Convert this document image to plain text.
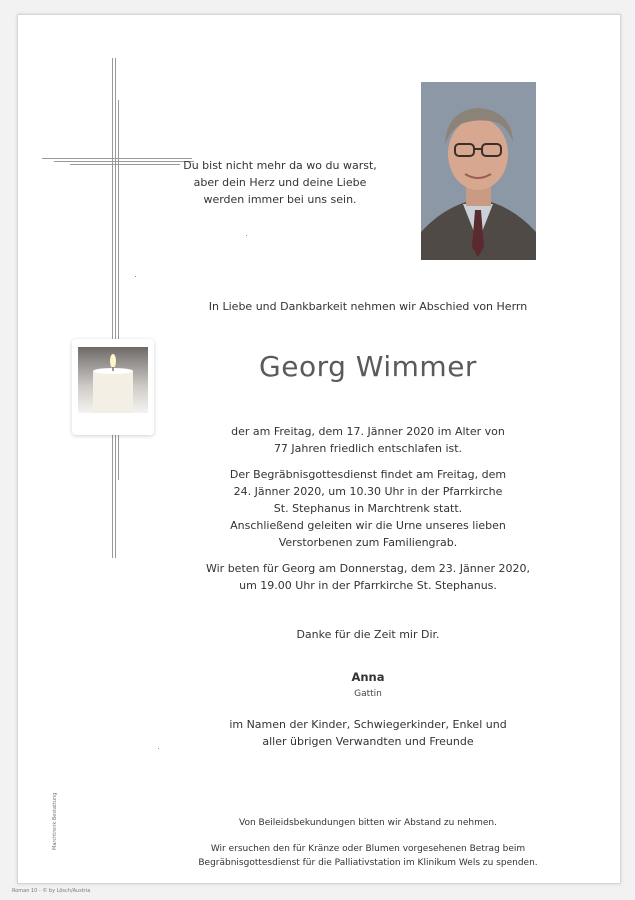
Du bist nicht mehr da wo du warst,
aber dein Herz und deine Liebe
werden immer bei uns sein.
In Liebe und Dankbarkeit nehmen wir Abschied von Herrn
Georg Wimmer
der am Freitag, dem 17. Jänner 2020 im Alter von
77 Jahren friedlich entschlafen ist.
Der Begräbnisgottesdienst findet am Freitag, dem
24. Jänner 2020, um 10.30 Uhr in der Pfarrkirche
St. Stephanus in Marchtrenk statt.
Anschließend geleiten wir die Urne unseres lieben
Verstorbenen zum Familiengrab.
Wir beten für Georg am Donnerstag, dem 23. Jänner 2020,
um 19.00 Uhr in der Pfarrkirche St. Stephanus.
Danke für die Zeit mir Dir.
Anna
Gattin
im Namen der Kinder, Schwiegerkinder, Enkel und
aller übrigen Verwandten und Freunde
Von Beileidsbekundungen bitten wir Abstand zu nehmen.
Wir ersuchen den für Kränze oder Blumen vorgesehenen Betrag beim
Begräbnisgottesdienst für die Palliativstation im Klinikum Wels zu spenden.
Marchtrenk Bestattung
Roman 10 - © by Lösch/Austria
